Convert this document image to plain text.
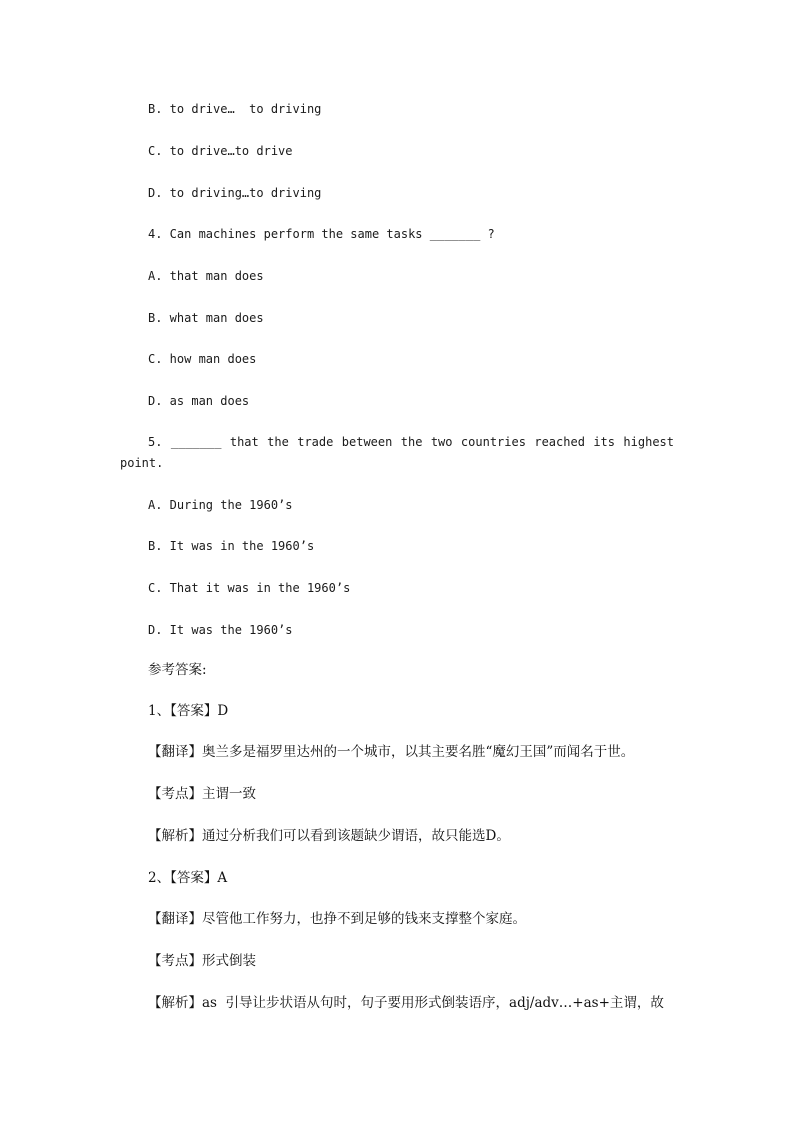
B. to drive…  to driving
C. to drive…to drive
D. to driving…to driving
4. Can machines perform the same tasks _______ ?
A. that man does
B. what man does
C. how man does
D. as man does
5. _______ that the trade between the two countries reached its highest
point.
A. During the 1960’s
B. It was in the 1960’s
C. That it was in the 1960’s
D. It was the 1960’s
参考答案:
1、【答案】D
【翻译】奥兰多是福罗里达州的一个城市，以其主要名胜“魔幻王国”而闻名于世。
【考点】主谓一致
【解析】通过分析我们可以看到该题缺少谓语，故只能选D。
2、【答案】A
【翻译】尽管他工作努力，也挣不到足够的钱来支撑整个家庭。
【考点】形式倒装
【解析】as  引导让步状语从句时，句子要用形式倒装语序，adj/adv…+as+主谓，故
